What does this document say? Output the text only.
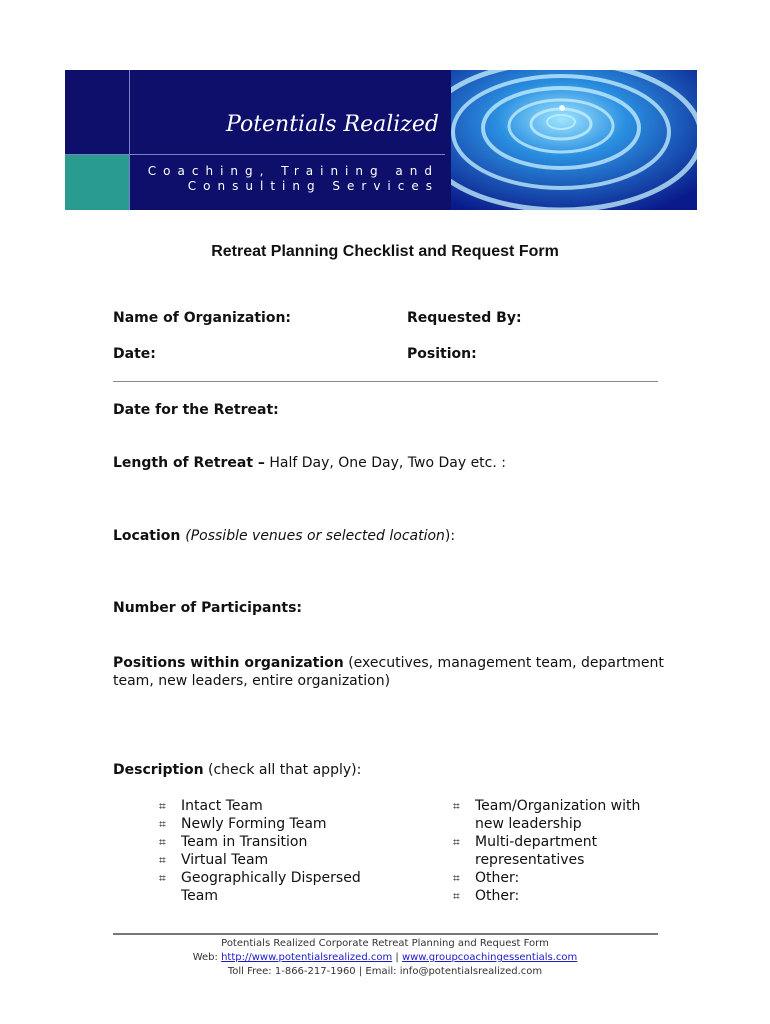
Potentials Realized
Coaching, Training and
Consulting Services
Retreat Planning Checklist and Request Form
Name of Organization:	Requested By:
Date:	Position:
Date for the Retreat:
Length of Retreat – Half Day, One Day, Two Day etc. :
Location (Possible venues or selected location):
Number of Participants:
Positions within organization (executives, management team, department
team, new leaders, entire organization)
Description (check all that apply):
⌗	Intact Team
⌗	Newly Forming Team
⌗	Team in Transition
⌗	Virtual Team
⌗	Geographically Dispersed Team
⌗	Team/Organization with new leadership
⌗	Multi-department representatives
⌗	Other:
⌗	Other:
Potentials Realized Corporate Retreat Planning and Request Form
Web: http://www.potentialsrealized.com | www.groupcoachingessentials.com
Toll Free: 1-866-217-1960 | Email: info@potentialsrealized.com
